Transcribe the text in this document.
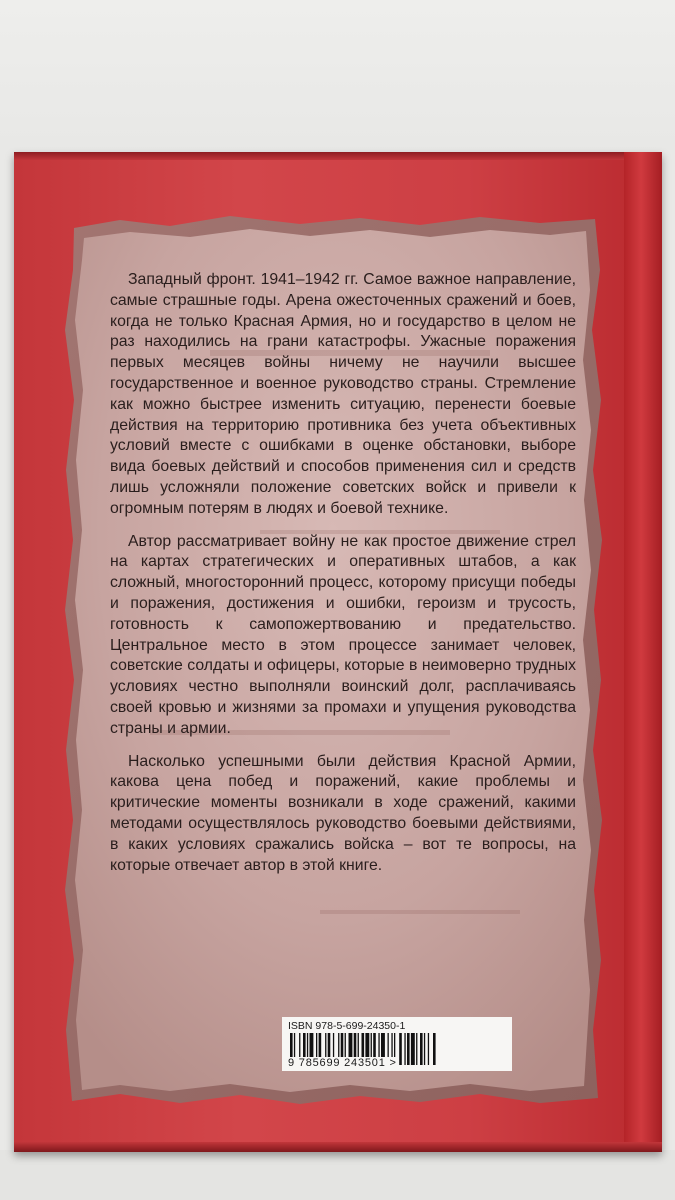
Западный фронт. 1941–1942 гг. Самое важное направление, самые страшные годы. Арена ожесточенных сражений и боев, когда не только Красная Армия, но и государство в целом не раз находились на грани катастрофы. Ужасные поражения первых месяцев войны ничему не научили высшее государственное и военное руководство страны. Стремление как можно быстрее изменить ситуацию, перенести боевые действия на территорию противника без учета объективных условий вместе с ошибками в оценке обстановки, выборе вида боевых действий и способов применения сил и средств лишь усложняли положение советских войск и привели к огромным потерям в людях и боевой технике.

Автор рассматривает войну не как простое движение стрел на картах стратегических и оперативных штабов, а как сложный, многосторонний процесс, которому присущи победы и поражения, достижения и ошибки, героизм и трусость, готовность к самопожертвованию и предательство. Центральное место в этом процессе занимает человек, советские солдаты и офицеры, которые в неимоверно трудных условиях честно выполняли воинский долг, расплачиваясь своей кровью и жизнями за промахи и упущения руководства страны и армии.

Насколько успешными были действия Красной Армии, какова цена побед и поражений, какие проблемы и критические моменты возникали в ходе сражений, какими методами осуществлялось руководство боевыми действиями, в каких условиях сражались войска – вот те вопросы, на которые отвечает автор в этой книге.

ISBN 978-5-699-24350-1
9 785699 243501 >
